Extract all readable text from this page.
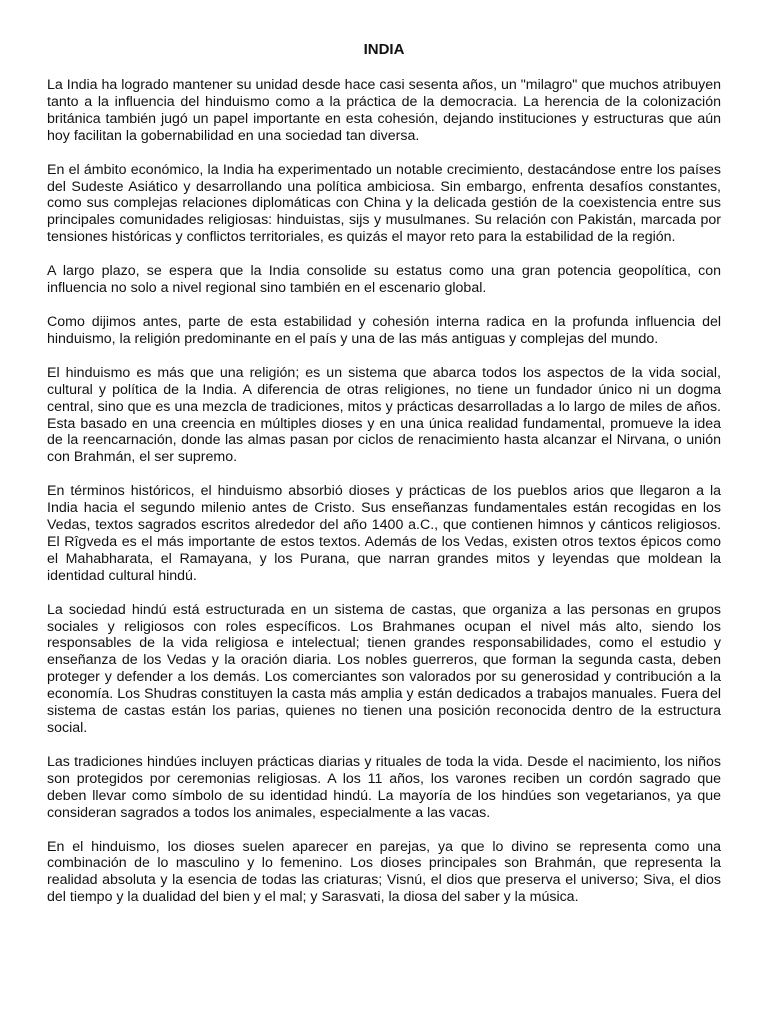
INDIA

La India ha logrado mantener su unidad desde hace casi sesenta años, un "milagro" que muchos atribuyen tanto a la influencia del hinduismo como a la práctica de la democracia. La herencia de la colonización británica también jugó un papel importante en esta cohesión, dejando instituciones y estructuras que aún hoy facilitan la gobernabilidad en una sociedad tan diversa.

En el ámbito económico, la India ha experimentado un notable crecimiento, destacándose entre los países del Sudeste Asiático y desarrollando una política ambiciosa. Sin embargo, enfrenta desafíos constantes, como sus complejas relaciones diplomáticas con China y la delicada gestión de la coexistencia entre sus principales comunidades religiosas: hinduistas, sijs y musulmanes. Su relación con Pakistán, marcada por tensiones históricas y conflictos territoriales, es quizás el mayor reto para la estabilidad de la región.

A largo plazo, se espera que la India consolide su estatus como una gran potencia geopolítica, con influencia no solo a nivel regional sino también en el escenario global.

Como dijimos antes, parte de esta estabilidad y cohesión interna radica en la profunda influencia del hinduismo, la religión predominante en el país y una de las más antiguas y complejas del mundo.

El hinduismo es más que una religión; es un sistema que abarca todos los aspectos de la vida social, cultural y política de la India. A diferencia de otras religiones, no tiene un fundador único ni un dogma central, sino que es una mezcla de tradiciones, mitos y prácticas desarrolladas a lo largo de miles de años. Esta basado en una creencia en múltiples dioses y en una única realidad fundamental, promueve la idea de la reencarnación, donde las almas pasan por ciclos de renacimiento hasta alcanzar el Nirvana, o unión con Brahmán, el ser supremo.

En términos históricos, el hinduismo absorbió dioses y prácticas de los pueblos arios que llegaron a la India hacia el segundo milenio antes de Cristo. Sus enseñanzas fundamentales están recogidas en los Vedas, textos sagrados escritos alrededor del año 1400 a.C., que contienen himnos y cánticos religiosos. El Rîgveda es el más importante de estos textos. Además de los Vedas, existen otros textos épicos como el Mahabharata, el Ramayana, y los Purana, que narran grandes mitos y leyendas que moldean la identidad cultural hindú.

La sociedad hindú está estructurada en un sistema de castas, que organiza a las personas en grupos sociales y religiosos con roles específicos. Los Brahmanes ocupan el nivel más alto, siendo los responsables de la vida religiosa e intelectual; tienen grandes responsabilidades, como el estudio y enseñanza de los Vedas y la oración diaria. Los nobles guerreros, que forman la segunda casta, deben proteger y defender a los demás. Los comerciantes son valorados por su generosidad y contribución a la economía. Los Shudras constituyen la casta más amplia y están dedicados a trabajos manuales. Fuera del sistema de castas están los parias, quienes no tienen una posición reconocida dentro de la estructura social.

Las tradiciones hindúes incluyen prácticas diarias y rituales de toda la vida. Desde el nacimiento, los niños son protegidos por ceremonias religiosas. A los 11 años, los varones reciben un cordón sagrado que deben llevar como símbolo de su identidad hindú. La mayoría de los hindúes son vegetarianos, ya que consideran sagrados a todos los animales, especialmente a las vacas.

En el hinduismo, los dioses suelen aparecer en parejas, ya que lo divino se representa como una combinación de lo masculino y lo femenino. Los dioses principales son Brahmán, que representa la realidad absoluta y la esencia de todas las criaturas; Visnú, el dios que preserva el universo; Siva, el dios del tiempo y la dualidad del bien y el mal; y Sarasvati, la diosa del saber y la música.
